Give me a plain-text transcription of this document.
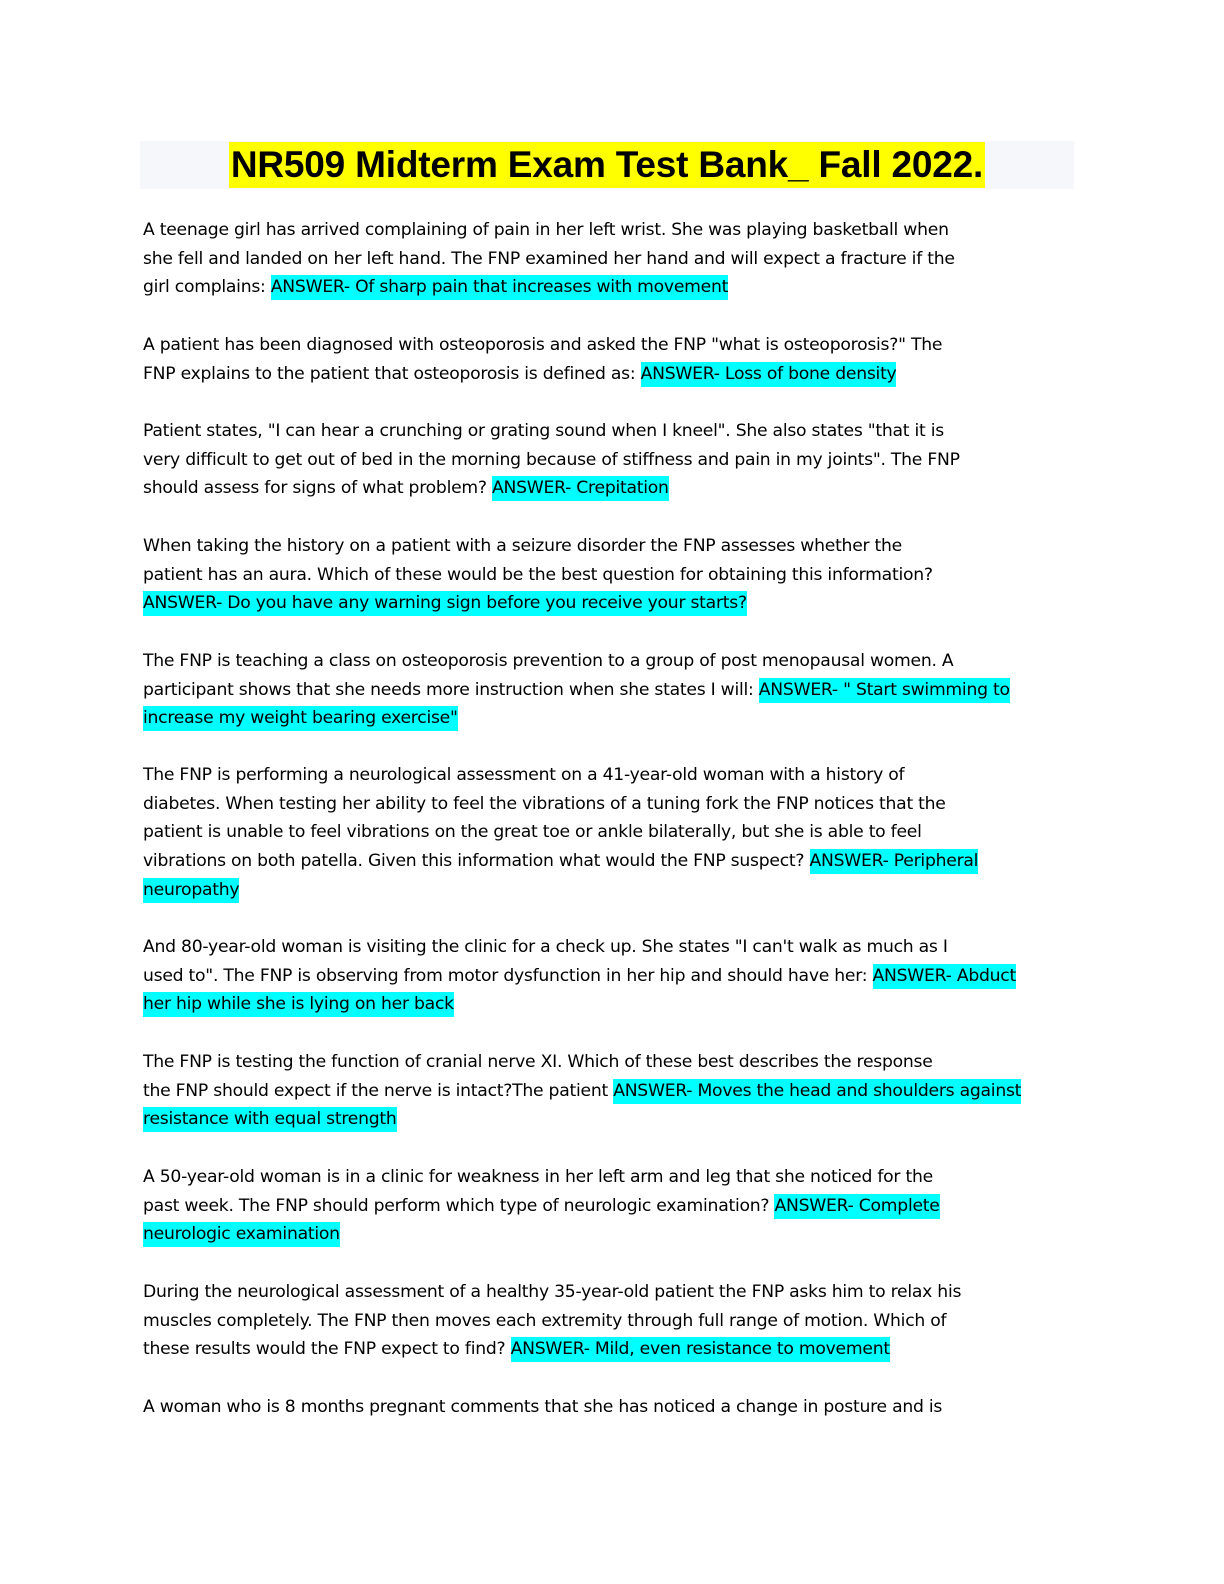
NR509 Midterm Exam Test Bank_ Fall 2022.
A teenage girl has arrived complaining of pain in her left wrist. She was playing basketball when
she fell and landed on her left hand. The FNP examined her hand and will expect a fracture if the
girl complains: ANSWER- Of sharp pain that increases with movement
A patient has been diagnosed with osteoporosis and asked the FNP "what is osteoporosis?" The
FNP explains to the patient that osteoporosis is defined as: ANSWER- Loss of bone density
Patient states, "I can hear a crunching or grating sound when I kneel". She also states "that it is
very difficult to get out of bed in the morning because of stiffness and pain in my joints". The FNP
should assess for signs of what problem? ANSWER- Crepitation
When taking the history on a patient with a seizure disorder the FNP assesses whether the
patient has an aura. Which of these would be the best question for obtaining this information?
ANSWER- Do you have any warning sign before you receive your starts?
The FNP is teaching a class on osteoporosis prevention to a group of post menopausal women. A
participant shows that she needs more instruction when she states I will: ANSWER- " Start swimming to
increase my weight bearing exercise"
The FNP is performing a neurological assessment on a 41-year-old woman with a history of
diabetes. When testing her ability to feel the vibrations of a tuning fork the FNP notices that the
patient is unable to feel vibrations on the great toe or ankle bilaterally, but she is able to feel
vibrations on both patella. Given this information what would the FNP suspect? ANSWER- Peripheral
neuropathy
And 80-year-old woman is visiting the clinic for a check up. She states "I can't walk as much as I
used to". The FNP is observing from motor dysfunction in her hip and should have her: ANSWER- Abduct
her hip while she is lying on her back
The FNP is testing the function of cranial nerve XI. Which of these best describes the response
the FNP should expect if the nerve is intact?The patient ANSWER- Moves the head and shoulders against
resistance with equal strength
A 50-year-old woman is in a clinic for weakness in her left arm and leg that she noticed for the
past week. The FNP should perform which type of neurologic examination? ANSWER- Complete
neurologic examination
During the neurological assessment of a healthy 35-year-old patient the FNP asks him to relax his
muscles completely. The FNP then moves each extremity through full range of motion. Which of
these results would the FNP expect to find? ANSWER- Mild, even resistance to movement
A woman who is 8 months pregnant comments that she has noticed a change in posture and is
